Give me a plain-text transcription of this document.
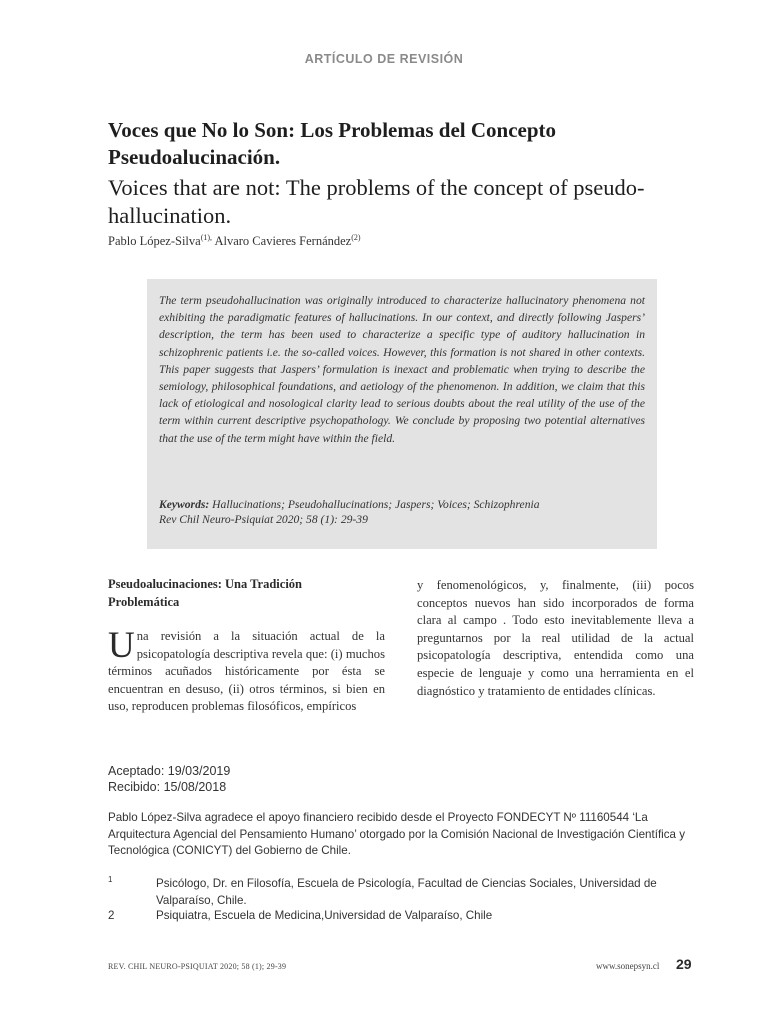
ARTÍCULO DE REVISIÓN
Voces que No lo Son: Los Problemas del Concepto Pseudoalucinación.
Voices that are not: The problems of the concept of pseudo-hallucination.
Pablo López-Silva$^{(1),}$ Alvaro Cavieres Fernández$^{(2)}$
The term pseudohallucination was originally introduced to characterize hallucinatory phenomena not exhibiting the paradigmatic features of hallucinations. In our context, and directly following Jaspers’ description, the term has been used to characterize a specific type of auditory hallucination in schizophrenic patients i.e. the so-called voices. However, this formation is not shared in other contexts. This paper suggests that Jaspers’ formulation is inexact and problematic when trying to describe the semiology, philosophical foundations, and aetiology of the phenomenon. In addition, we claim that this lack of etiological and nosological clarity lead to serious doubts about the real utility of the use of the term within current descriptive psychopathology. We conclude by proposing two potential alternatives that the use of the term might have within the field.
Keywords: Hallucinations; Pseudohallucinations; Jaspers; Voices; Schizophrenia
Rev Chil Neuro-Psiquiat 2020; 58 (1): 29-39
Pseudoalucinaciones: Una Tradición Problemática
Una revisión a la situación actual de la psicopatología descriptiva revela que: (i) muchos términos acuñados históricamente por ésta se encuentran en desuso, (ii) otros términos, si bien en uso, reproducen problemas filosóficos, empíricos
y fenomenológicos, y, finalmente, (iii) pocos conceptos nuevos han sido incorporados de forma clara al campo . Todo esto inevitablemente lleva a preguntarnos por la real utilidad de la actual psicopatología descriptiva, entendida como una especie de lenguaje y como una herramienta en el diagnóstico y tratamiento de entidades clínicas.
Aceptado: 19/03/2019
Recibido: 15/08/2018
Pablo López-Silva agradece el apoyo financiero recibido desde el Proyecto FONDECYT Nº 11160544 ‘La Arquitectura Agencial del Pensamiento Humano’ otorgado por la Comisión Nacional de Investigación Científica y Tecnológica (CONICYT) del Gobierno de Chile.
1	Psicólogo, Dr. en Filosofía, Escuela de Psicología, Facultad de Ciencias Sociales, Universidad de Valparaíso, Chile.
2	Psiquiatra, Escuela de Medicina,Universidad de Valparaíso, Chile
REV. CHIL NEURO-PSIQUIAT 2020; 58 (1); 29-39	www.sonepsyn.cl 29
